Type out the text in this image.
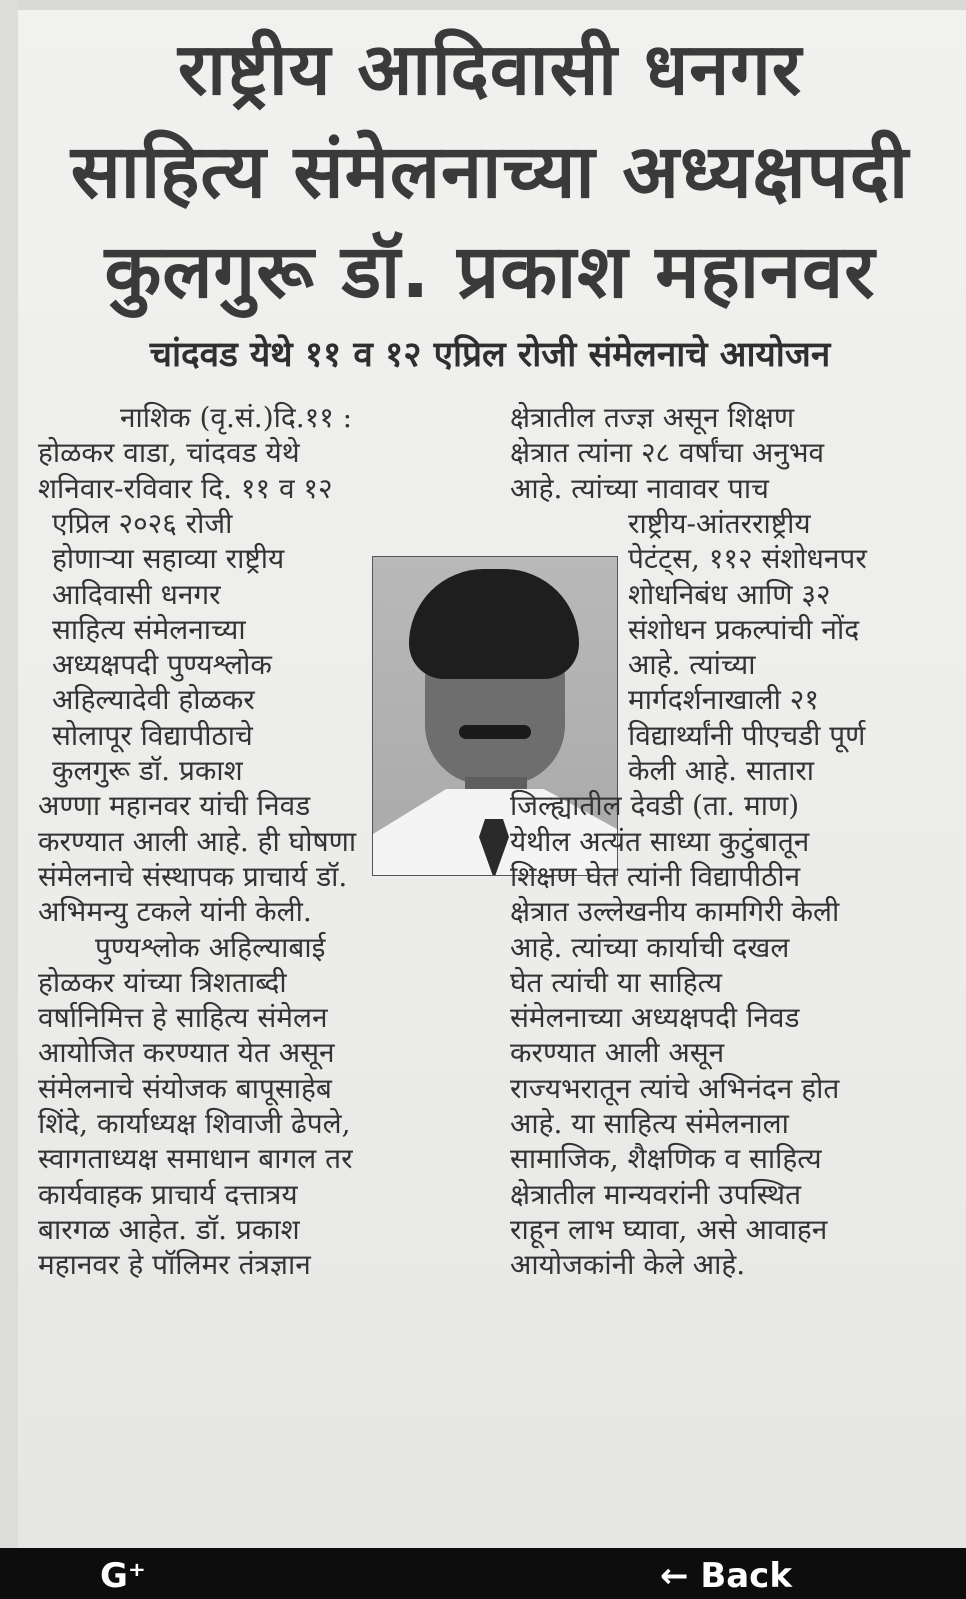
राष्ट्रीय आदिवासी धनगर
साहित्य संमेलनाच्या अध्यक्षपदी
कुलगुरू डॉ. प्रकाश महानवर
चांदवड येथे ११ व १२ एप्रिल रोजी संमेलनाचे आयोजन
नाशिक (वृ.सं.)दि.११ :
होळकर वाडा, चांदवड येथे
शनिवार-रविवार दि. ११ व १२
एप्रिल २०२६ रोजी
होणाऱ्या सहाव्या राष्ट्रीय
आदिवासी धनगर
साहित्य संमेलनाच्या
अध्यक्षपदी पुण्यश्लोक
अहिल्यादेवी होळकर
सोलापूर विद्यापीठाचे
कुलगुरू डॉ. प्रकाश
अण्णा महानवर यांची निवड
करण्यात आली आहे. ही घोषणा
संमेलनाचे संस्थापक प्राचार्य डॉ.
अभिमन्यु टकले यांनी केली.
पुण्यश्लोक अहिल्याबाई
होळकर यांच्या त्रिशताब्दी
वर्षानिमित्त हे साहित्य संमेलन
आयोजित करण्यात येत असून
संमेलनाचे संयोजक बापूसाहेब
शिंदे, कार्याध्यक्ष शिवाजी ढेपले,
स्वागताध्यक्ष समाधान बागल तर
कार्यवाहक प्राचार्य दत्तात्रय
बारगळ आहेत. डॉ. प्रकाश
महानवर हे पॉलिमर तंत्रज्ञान
क्षेत्रातील तज्ज्ञ असून शिक्षण
क्षेत्रात त्यांना २८ वर्षांचा अनुभव
आहे. त्यांच्या नावावर पाच
राष्ट्रीय-आंतरराष्ट्रीय
पेटंट्स, ११२ संशोधनपर
शोधनिबंध आणि ३२
संशोधन प्रकल्पांची नोंद
आहे. त्यांच्या
मार्गदर्शनाखाली २१
विद्यार्थ्यांनी पीएचडी पूर्ण
केली आहे. सातारा
जिल्ह्यातील देवडी (ता. माण)
येथील अत्यंत साध्या कुटुंबातून
शिक्षण घेत त्यांनी विद्यापीठीन
क्षेत्रात उल्लेखनीय कामगिरी केली
आहे. त्यांच्या कार्याची दखल
घेत त्यांची या साहित्य
संमेलनाच्या अध्यक्षपदी निवड
करण्यात आली असून
राज्यभरातून त्यांचे अभिनंदन होत
आहे. या साहित्य संमेलनाला
सामाजिक, शैक्षणिक व साहित्य
क्षेत्रातील मान्यवरांनी उपस्थित
राहून लाभ घ्यावा, असे आवाहन
आयोजकांनी केले आहे.
G⁺	← Back
